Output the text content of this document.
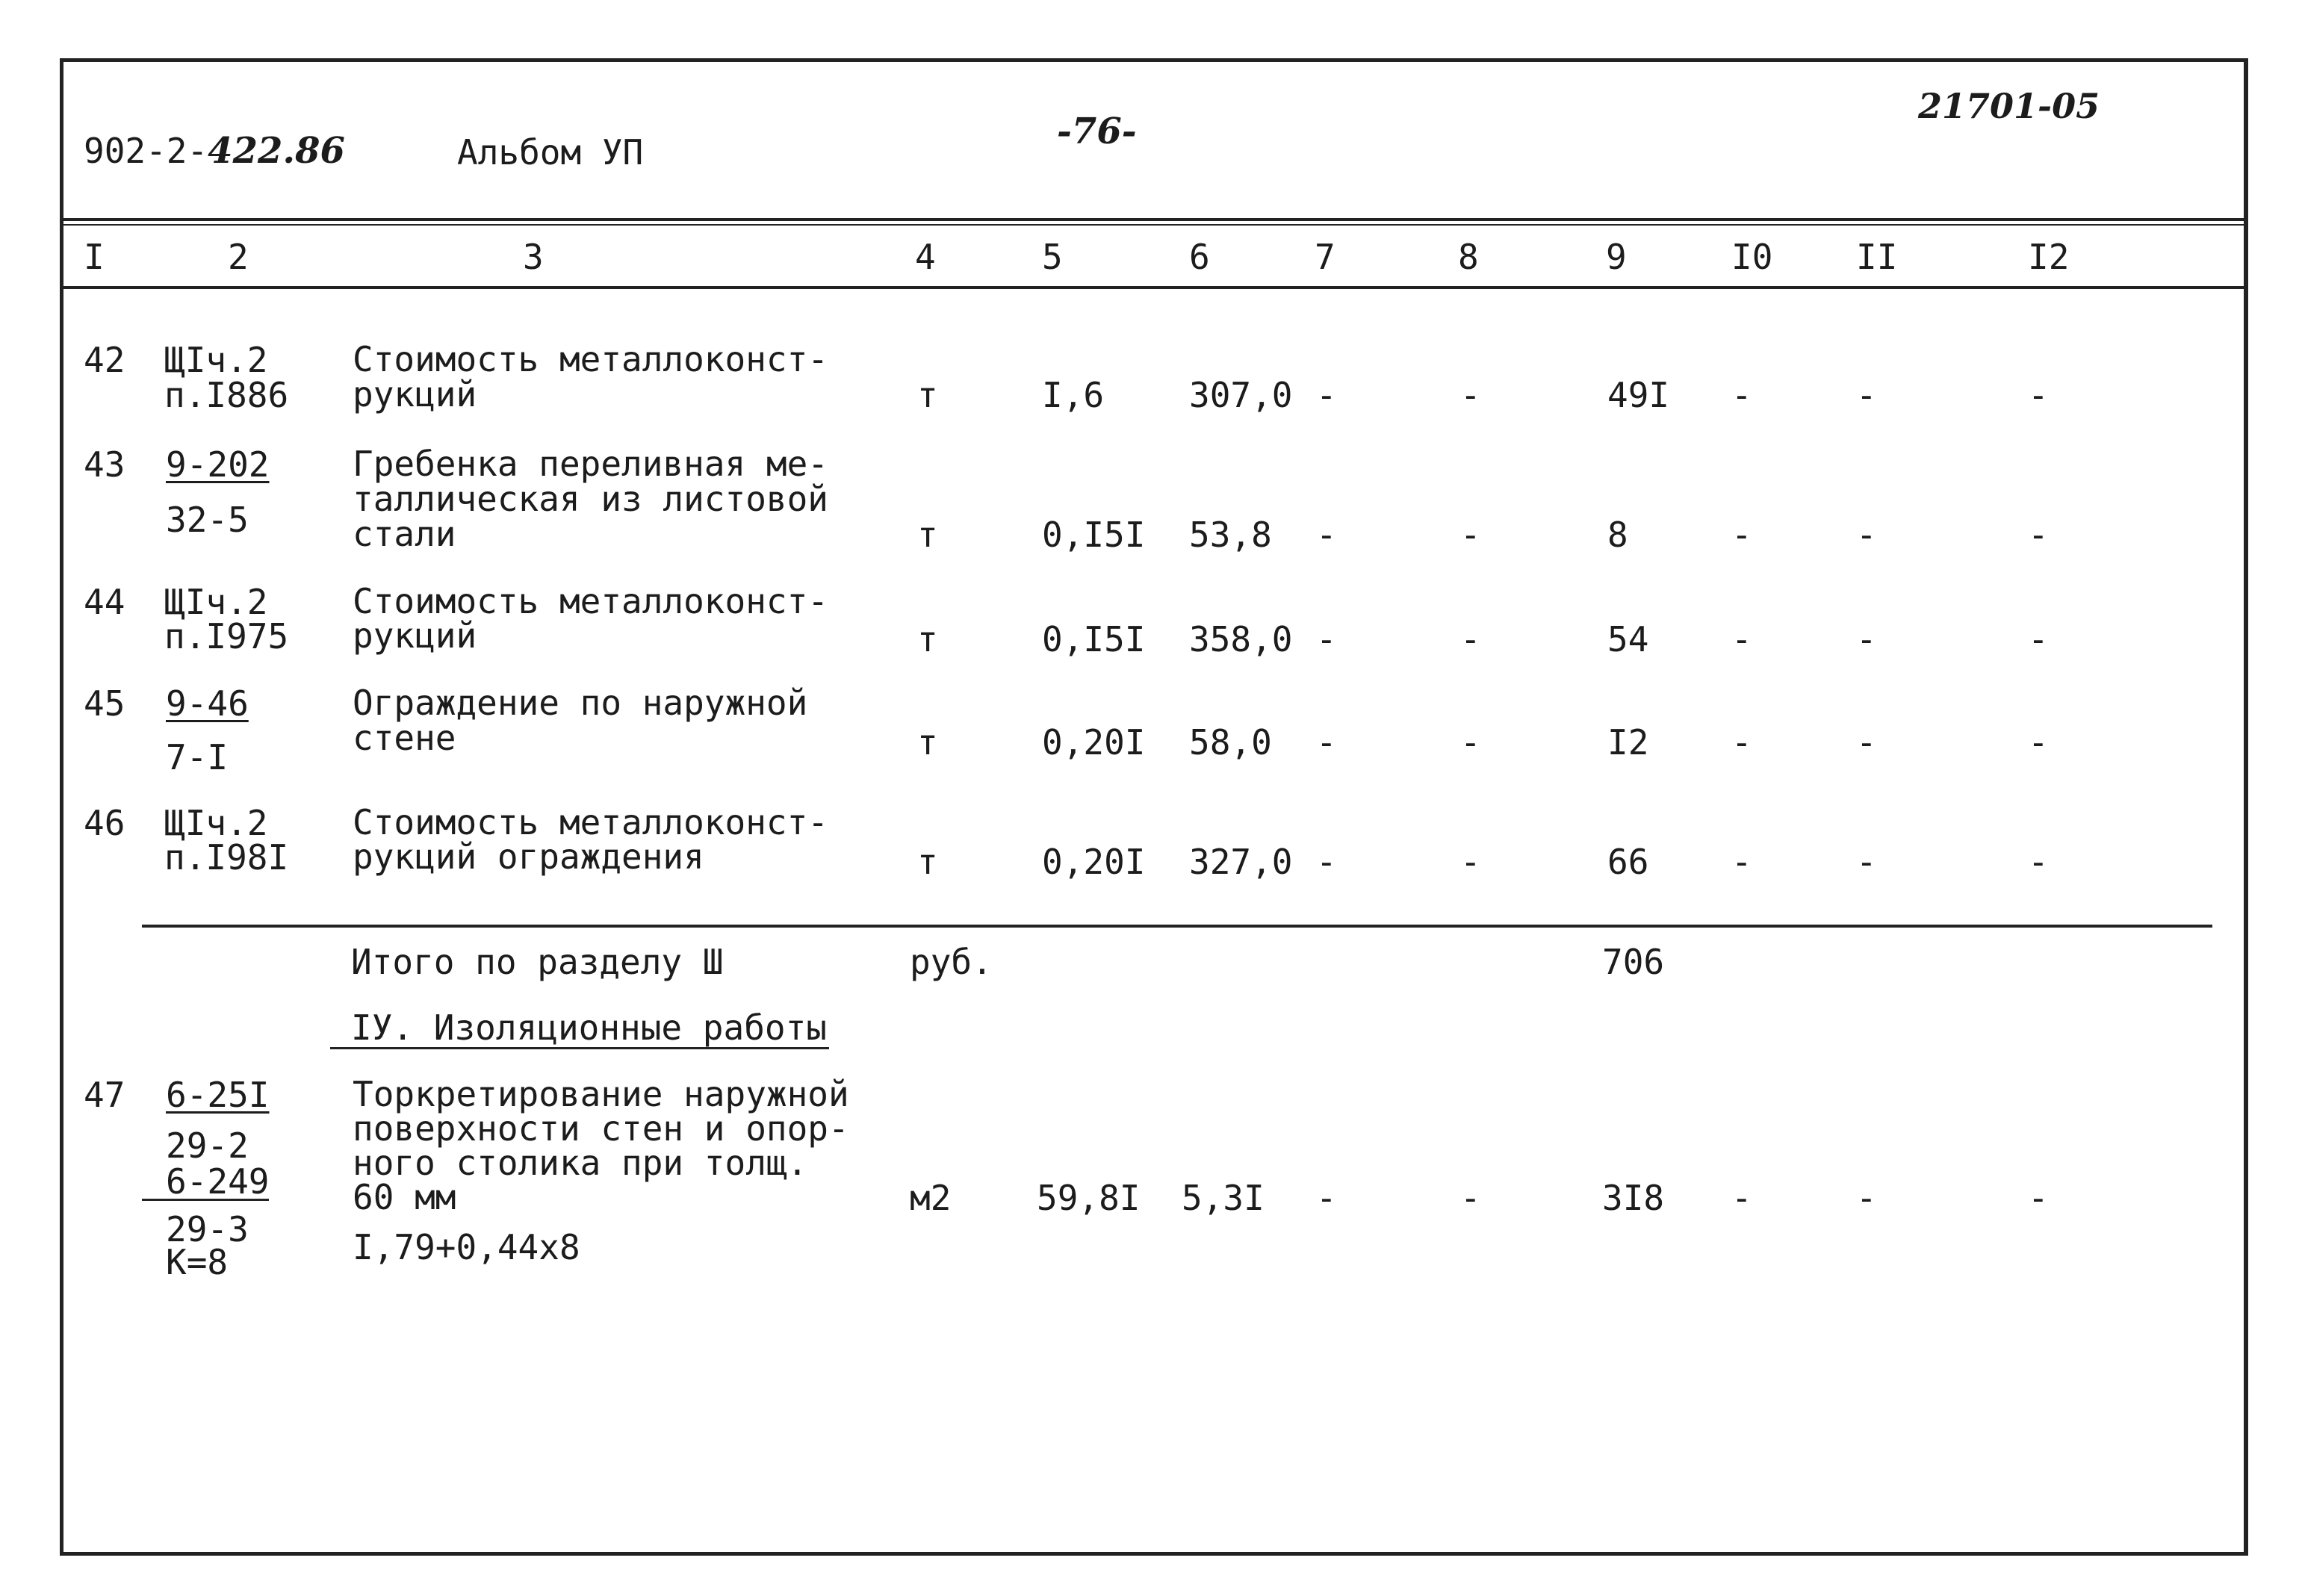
902-2-422.86	Альбом УП	-76-
21701-05
I	2	3	4	5	6	7	8	9	I0 II	I2
42 ЩIч.2
п.I886
Стоимость металлоконст-
рукций	т	I,6 307,0 -	-	49I -	-	-
43 9-202
32-5
Гребенка переливная ме-
таллическая из листовой
стали	т	0,I5I 53,8 -	-	8	-	-	-
44 ЩIч.2
п.I975
Стоимость металлоконст-
рукций	т	0,I5I 358,0 -	-	54 -	-	-
45 9-46
7-I
Ограждение по наружной
стене	т	0,20I 58,0 -	-	I2 -	-	-
46 ЩIч.2
п.I98I
Стоимость металлоконст-
рукций ограждения	т	0,20I 327,0 -	-	66 -	-	-
Итого по разделу Ш	руб.	706
IУ. Изоляционные работы
47 6-25I
29-2
6-249
29-3
К=8
Торкретирование наружной
поверхности стен и опор-
ного столика при толщ.
60 мм
I,79+0,44x8
м2 59,8I 5,3I -	-	3I8 -	-	-
